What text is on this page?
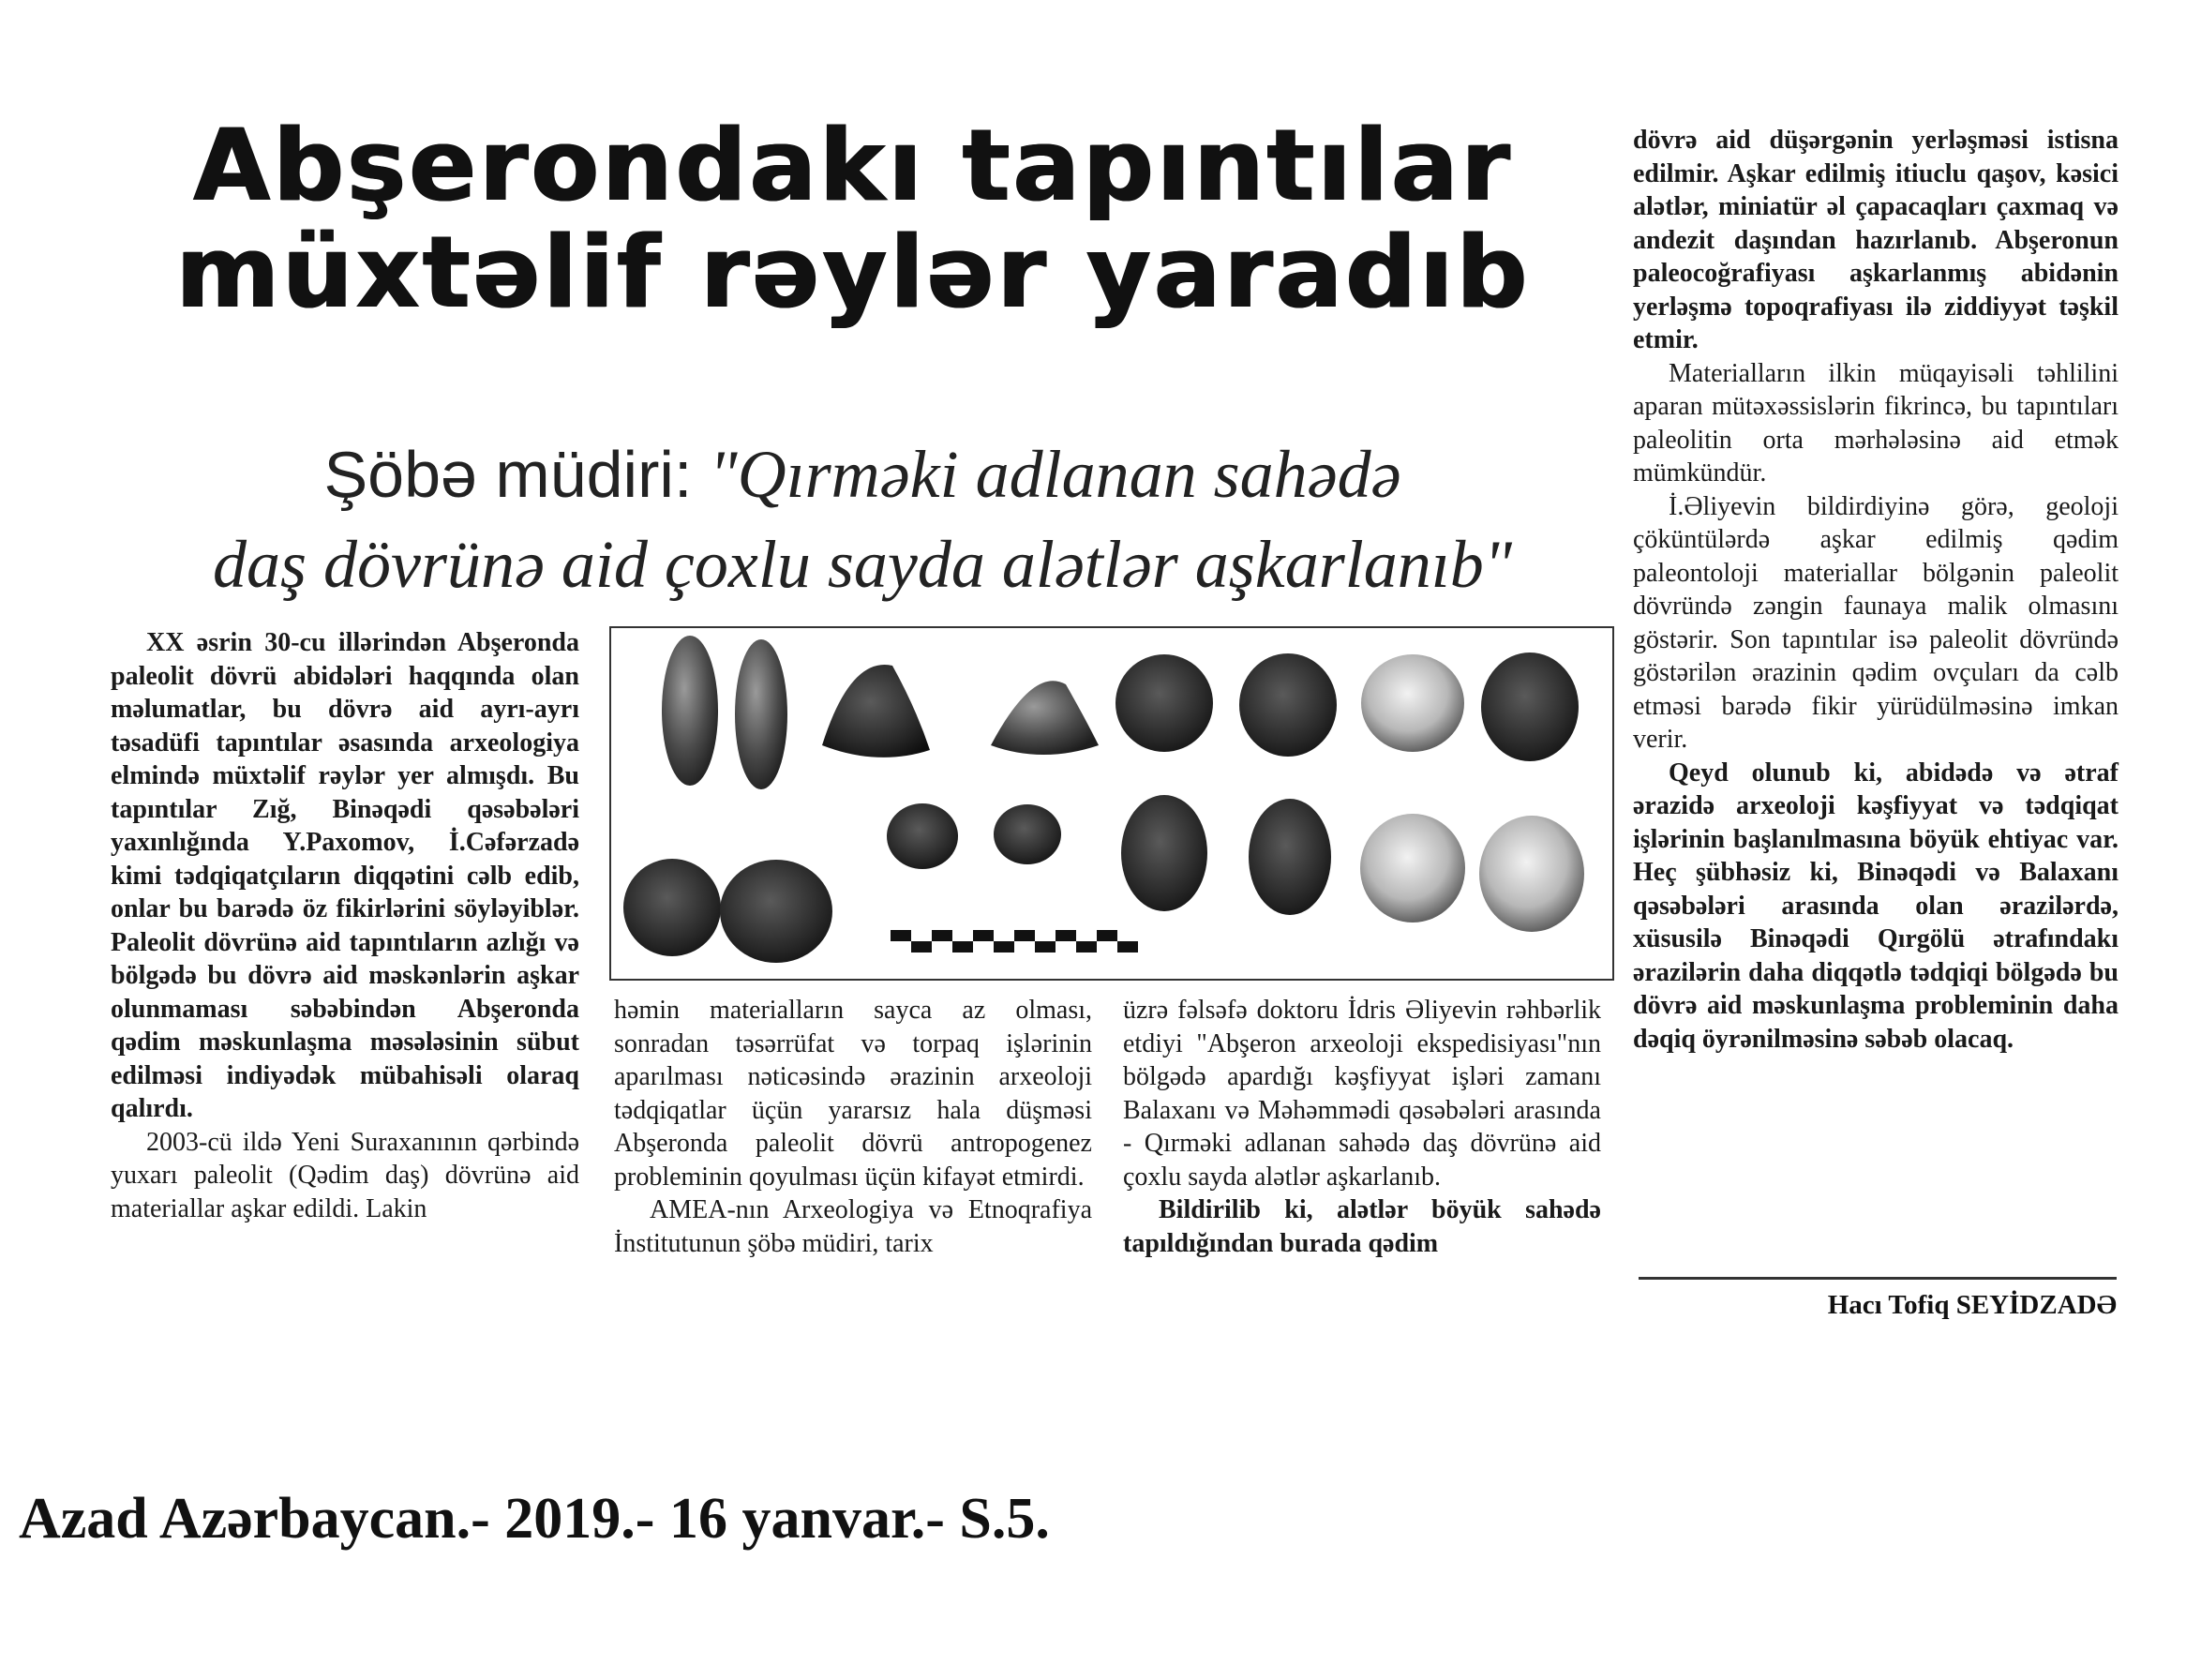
Abşerondakı tapıntılar
müxtəlif rəylər yaradıb
Şöbə müdiri: "Qırməki adlanan sahədə
daş dövrünə aid çoxlu sayda alətlər aşkarlanıb"

XX əsrin 30-cu illərindən Abşeronda paleolit dövrü abidələri haqqında olan məlumatlar, bu dövrə aid ayrı-ayrı təsadüfi tapıntılar əsasında arxeologiya elmində müxtəlif rəylər yer almışdı. Bu tapıntılar Zığ, Binəqədi qəsəbələri yaxınlığında Y.Paxomov, İ.Cəfərzadə kimi tədqiqatçıların diqqətini cəlb edib, onlar bu barədə öz fikirlərini söyləyiblər. Paleolit dövrünə aid tapıntıların azlığı və bölgədə bu dövrə aid məskənlərin aşkar olunmaması səbəbindən Abşeronda qədim məskunlaşma məsələsinin sübut edilməsi indiyədək mübahisəli olaraq qalırdı.

2003-cü ildə Yeni Suraxanının qərbində yuxarı paleolit (Qədim daş) dövrünə aid materiallar aşkar edildi. Lakin

həmin materialların sayca az olması, sonradan təsərrüfat və torpaq işlərinin aparılması nəticəsində ərazinin arxeoloji tədqiqatlar üçün yararsız hala düşməsi Abşeronda paleolit dövrü antropogenez probleminin qoyulması üçün kifayət etmirdi.

AMEA-nın Arxeologiya və Etnoqrafiya İnstitutunun şöbə müdiri, tarix

üzrə fəlsəfə doktoru İdris Əliyevin rəhbərlik etdiyi "Abşeron arxeoloji ekspedisiyası"nın bölgədə apardığı kəşfiyyat işləri zamanı Balaxanı və Məhəmmədi qəsəbələri arasında - Qırməki adlanan sahədə daş dövrünə aid çoxlu sayda alətlər aşkarlanıb.

Bildirilib ki, alətlər böyük sahədə tapıldığından burada qədim

dövrə aid düşərgənin yerləşməsi istisna edilmir. Aşkar edilmiş itiuclu qaşov, kəsici alətlər, miniatür əl çapacaqları çaxmaq və andezit daşından hazırlanıb. Abşeronun paleocoğrafiyası aşkarlanmış abidənin yerləşmə topoqrafiyası ilə ziddiyyət təşkil etmir.

Materialların ilkin müqayisəli təhlilini aparan mütəxəssislərin fikrincə, bu tapıntıları paleolitin orta mərhələsinə aid etmək mümkündür.

İ.Əliyevin bildirdiyinə görə, geoloji çöküntülərdə aşkar edilmiş qədim paleontoloji materiallar bölgənin paleolit dövründə zəngin faunaya malik olmasını göstərir. Son tapıntılar isə paleolit dövründə göstərilən ərazinin qədim ovçuları da cəlb etməsi barədə fikir yürüdülməsinə imkan verir.

Qeyd olunub ki, abidədə və ətraf ərazidə arxeoloji kəşfiyyat və tədqiqat işlərinin başlanılmasına böyük ehtiyac var. Heç şübhəsiz ki, Binəqədi və Balaxanı qəsəbələri arasında olan ərazilərdə, xüsusilə Binəqədi Qırgölü ətrafındakı ərazilərin daha diqqətlə tədqiqi bölgədə bu dövrə aid məskunlaşma probleminin daha dəqiq öyrənilməsinə səbəb olacaq.

Hacı Tofiq SEYİDZADƏ
Azad Azərbaycan.- 2019.- 16 yanvar.- S.5.
